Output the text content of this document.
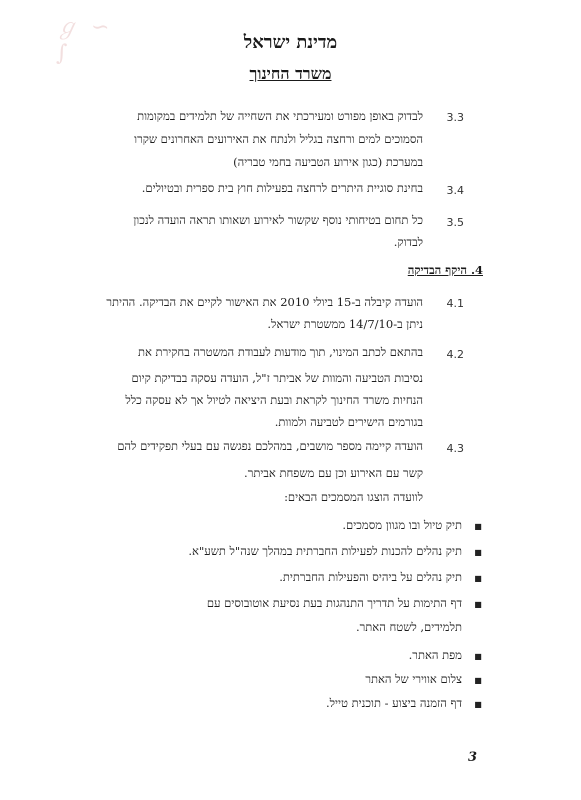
ℊ ∽ ∫	מדינת ישראל
משרד החינוך
3.3
לבדוק באופן מפורט ומעירכתי את השחייה של תלמידים במקומות
הסמוכים למים ורחצה בגליל ולנתח את האירועים האחרונים שקרו
במערכת (כגון אירוע הטביעה בחמי טבריה)
3.4
בחינת סוגיית היתרים לרחצה בפעילות חוץ בית ספרית ובטיולים.
3.5
כל תחום בטיחותי נוסף שקשור לאירוע ושאותו תראה הועדה לנכון
לבדוק.
4. היקף הבדיקה
4.1
הועדה קיבלה ב-15 ביולי 2010 את האישור לקיים את הבדיקה. ההיתר
ניתן ב-14/7/10 ממשטרת ישראל.
4.2
בהתאם לכתב המינוי, תוך מודעות לעבודת המשטרה בחקירת את
נסיבות הטביעה והמוות של אביתר ז"ל, הועדה עסקה בבדיקת קיום
הנחיות משרד החינוך לקראת ובעת היציאה לטיול אך לא עסקה כלל
בגורמים הישירים לטביעה ולמוות.
4.3
הועדה קיימה מספר מושבים, במהלכם נפגשה עם בעלי תפקידים להם
קשר עם האירוע וכן עם משפחת אביתר.
לוועדה הוצגו המסמכים הבאים:
■
תיק טיול ובו מגוון מסמכים.
■
תיק נהלים להכנות לפעילות החברתית במהלך שנה"ל תשע"א.
■
תיק נהלים על ביהיס והפעילות החברתית.
■
דף התימות על תדריך התנהגות בעת נסיעת אוטובוסים עם
תלמידים, לשטח האתר.
■
מפת האתר.
■
צלום אווירי של האתר
■
דף הזמנה ביצוע - תוכנית טייל.
3
